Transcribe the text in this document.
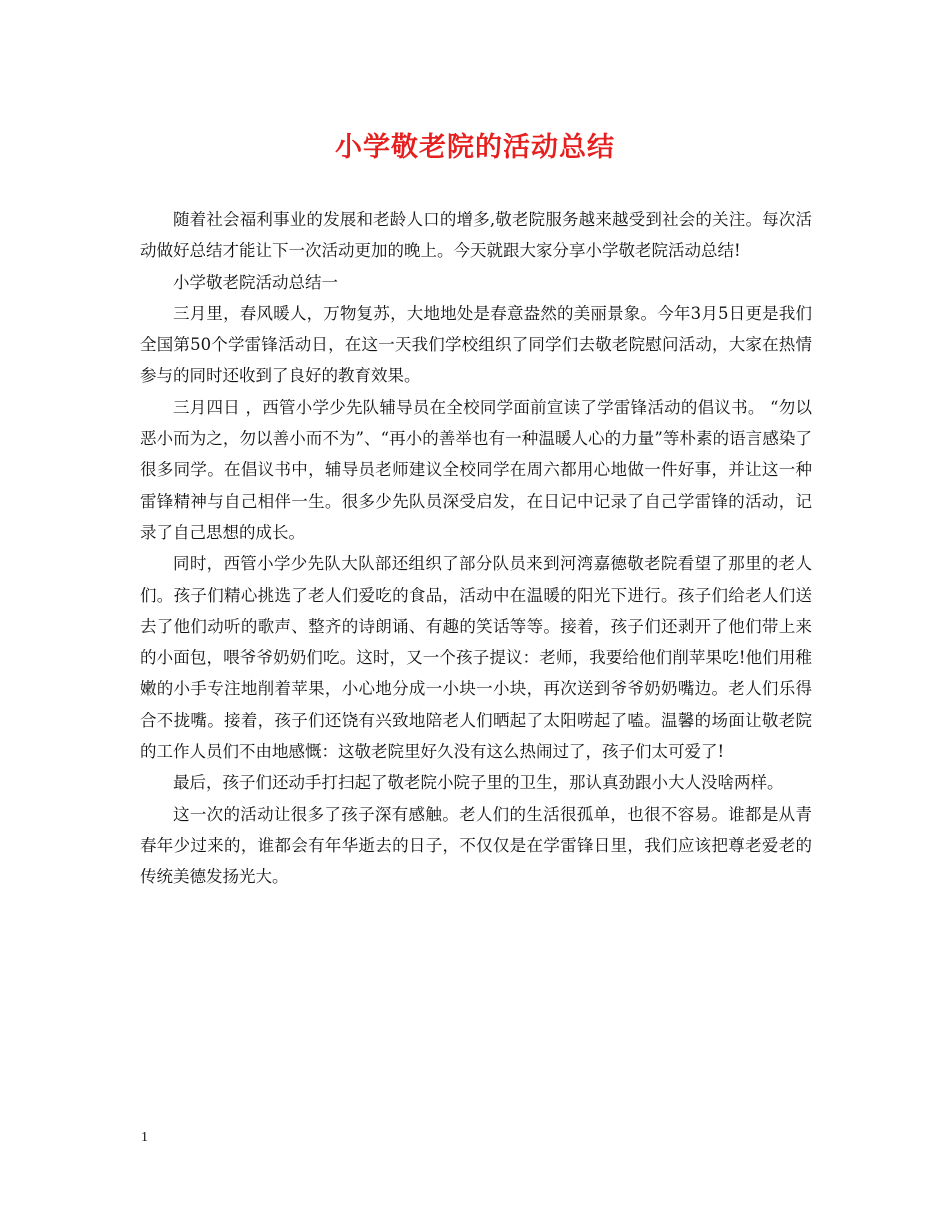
小学敬老院的活动总结

随着社会福利事业的发展和老龄人口的增多,敬老院服务越来越受到社会的关注。每次活动做好总结才能让下一次活动更加的晚上。今天就跟大家分享小学敬老院活动总结!

小学敬老院活动总结一

三月里，春风暖人，万物复苏，大地地处是春意盎然的美丽景象。今年3月5日更是我们全国第50个学雷锋活动日，在这一天我们学校组织了同学们去敬老院慰问活动，大家在热情参与的同时还收到了良好的教育效果。

三月四日 ，西管小学少先队辅导员在全校同学面前宣读了学雷锋活动的倡议书。 “勿以恶小而为之，勿以善小而不为”、“再小的善举也有一种温暖人心的力量”等朴素的语言感染了很多同学。在倡议书中，辅导员老师建议全校同学在周六都用心地做一件好事，并让这一种雷锋精神与自己相伴一生。很多少先队员深受启发，在日记中记录了自己学雷锋的活动，记录了自己思想的成长。

同时，西管小学少先队大队部还组织了部分队员来到河湾嘉德敬老院看望了那里的老人们。孩子们精心挑选了老人们爱吃的食品，活动中在温暖的阳光下进行。孩子们给老人们送去了他们动听的歌声、整齐的诗朗诵、有趣的笑话等等。接着，孩子们还剥开了他们带上来的小面包，喂爷爷奶奶们吃。这时，又一个孩子提议：老师，我要给他们削苹果吃!他们用稚嫩的小手专注地削着苹果，小心地分成一小块一小块，再次送到爷爷奶奶嘴边。老人们乐得合不拢嘴。接着，孩子们还饶有兴致地陪老人们晒起了太阳唠起了嗑。温馨的场面让敬老院的工作人员们不由地感慨：这敬老院里好久没有这么热闹过了，孩子们太可爱了!

最后，孩子们还动手打扫起了敬老院小院子里的卫生，那认真劲跟小大人没啥两样。

这一次的活动让很多了孩子深有感触。老人们的生活很孤单，也很不容易。谁都是从青春年少过来的，谁都会有年华逝去的日子，不仅仅是在学雷锋日里，我们应该把尊老爱老的传统美德发扬光大。

1
